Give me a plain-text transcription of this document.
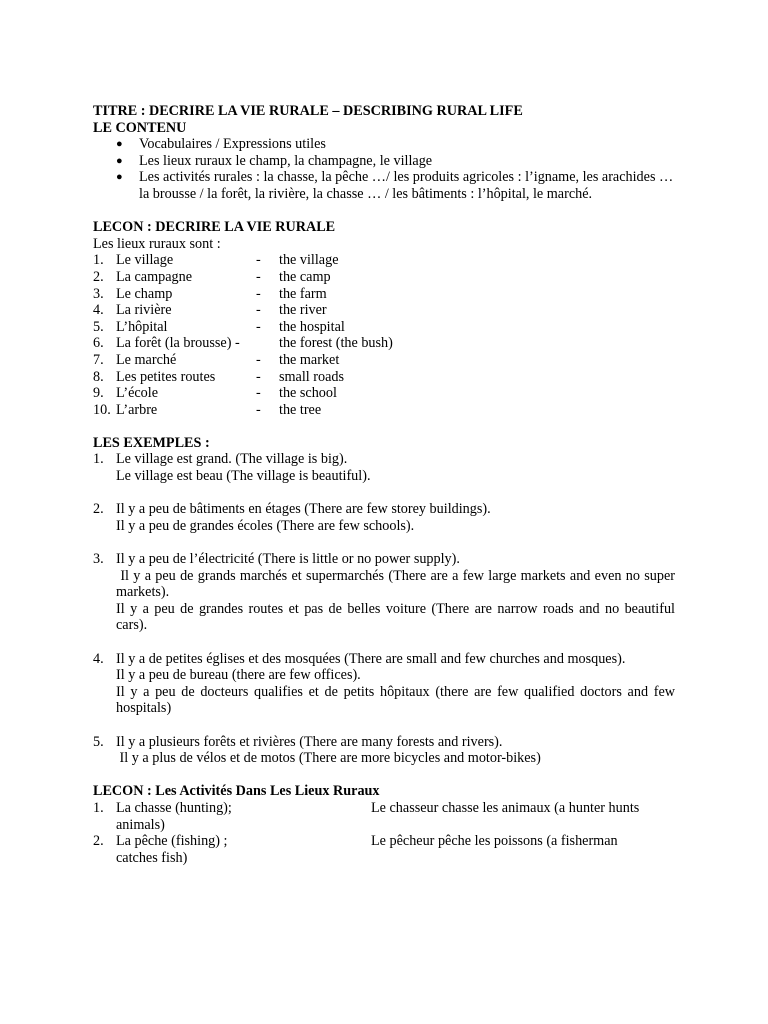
TITRE : DECRIRE LA VIE RURALE – DESCRIBING RURAL LIFE
LE CONTENU
●	Vocabulaires / Expressions utiles
●	Les lieux ruraux le champ, la champagne, le village
●	Les activités rurales : la chasse, la pêche …/ les produits agricoles : l’igname, les arachides … la brousse / la forêt, la rivière, la chasse … / les bâtiments : l’hôpital, le marché.
LECON : DECRIRE LA VIE RURALE
Les lieux ruraux sont :
1. Le village	-	the village
2. La campagne	-	the camp
3. Le champ	-	the farm
4. La rivière	-	the river
5. L’hôpital	-	the hospital
6. La forêt (la brousse) -	the forest (the bush)
7. Le marché	-	the market
8. Les petites routes	-	small roads
9. L’école	-	the school
10. L’arbre	-	the tree
LES EXEMPLES :
1. Le village est grand. (The village is big).
Le village est beau (The village is beautiful).
2. Il y a peu de bâtiments en étages (There are few storey buildings).
Il y a peu de grandes écoles (There are few schools).
3. Il y a peu de l’électricité (There is little or no power supply).
Il y a peu de grands marchés et supermarchés (There are a few large markets and even no super markets).
Il y a peu de grandes routes et pas de belles voiture (There are narrow roads and no beautiful cars).
4. Il y a de petites églises et des mosquées (There are small and few churches and mosques).
Il y a peu de bureau (there are few offices).
Il y a peu de docteurs qualifies et de petits hôpitaux (there are few qualified doctors and few hospitals)
5. Il y a plusieurs forêts et rivières (There are many forests and rivers).
Il y a plus de vélos et de motos (There are more bicycles and motor-bikes)
LECON : Les Activités Dans Les Lieux Ruraux
1. La chasse (hunting);	Le chasseur chasse les animaux (a hunter hunts
animals)
2. La pêche (fishing) ;	Le pêcheur pêche les poissons (a fisherman
catches fish)
